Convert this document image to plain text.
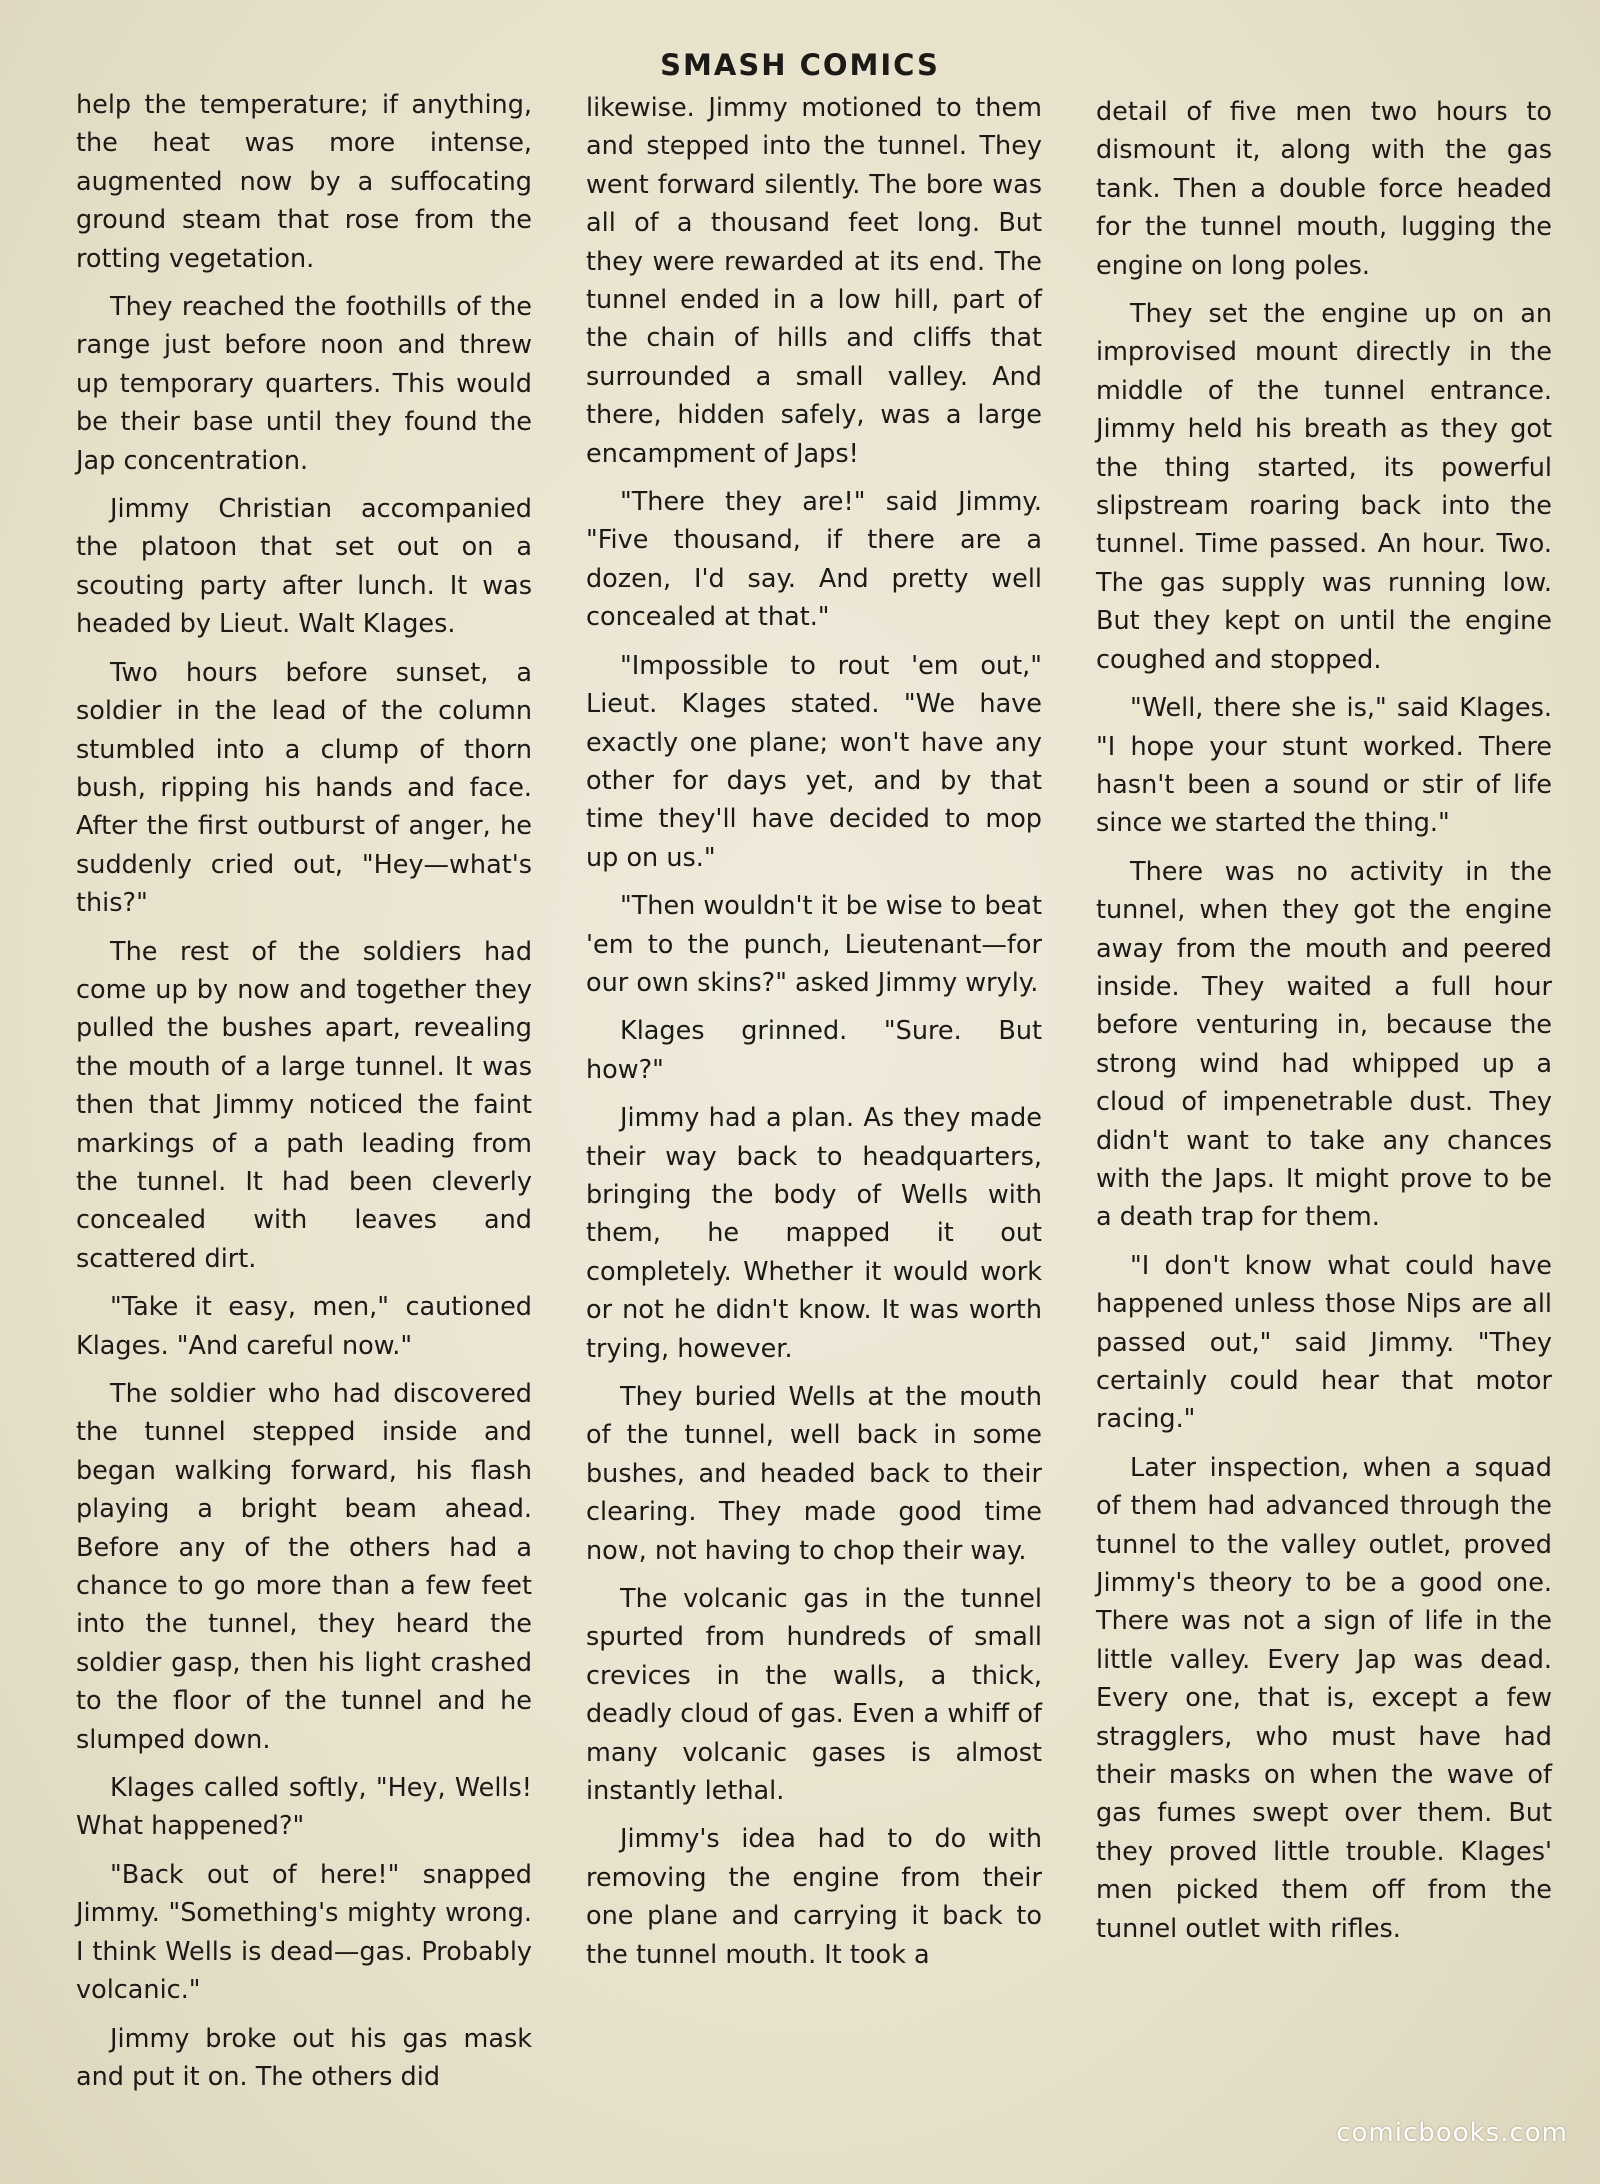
SMASH COMICS

help the temperature; if anything, the heat was more intense, augmented now by a suffocating ground steam that rose from the rotting vegetation.

They reached the foothills of the range just before noon and threw up temporary quarters. This would be their base until they found the Jap concentration.

Jimmy Christian accompanied the platoon that set out on a scouting party after lunch. It was headed by Lieut. Walt Klages.

Two hours before sunset, a soldier in the lead of the column stumbled into a clump of thorn bush, ripping his hands and face. After the first outburst of anger, he suddenly cried out, "Hey—what's this?"

The rest of the soldiers had come up by now and together they pulled the bushes apart, revealing the mouth of a large tunnel. It was then that Jimmy noticed the faint markings of a path leading from the tunnel. It had been cleverly concealed with leaves and scattered dirt.

"Take it easy, men," cautioned Klages. "And careful now."

The soldier who had discovered the tunnel stepped inside and began walking forward, his flash playing a bright beam ahead. Before any of the others had a chance to go more than a few feet into the tunnel, they heard the soldier gasp, then his light crashed to the floor of the tunnel and he slumped down.

Klages called softly, "Hey, Wells! What happened?"

"Back out of here!" snapped Jimmy. "Something's mighty wrong. I think Wells is dead—gas. Probably volcanic."

Jimmy broke out his gas mask and put it on. The others did

likewise. Jimmy motioned to them and stepped into the tunnel. They went forward silently. The bore was all of a thousand feet long. But they were rewarded at its end. The tunnel ended in a low hill, part of the chain of hills and cliffs that surrounded a small valley. And there, hidden safely, was a large encampment of Japs!

"There they are!" said Jimmy. "Five thousand, if there are a dozen, I'd say. And pretty well concealed at that."

"Impossible to rout 'em out," Lieut. Klages stated. "We have exactly one plane; won't have any other for days yet, and by that time they'll have decided to mop up on us."

"Then wouldn't it be wise to beat 'em to the punch, Lieutenant—for our own skins?" asked Jimmy wryly.

Klages grinned. "Sure. But how?"

Jimmy had a plan. As they made their way back to headquarters, bringing the body of Wells with them, he mapped it out completely. Whether it would work or not he didn't know. It was worth trying, however.

They buried Wells at the mouth of the tunnel, well back in some bushes, and headed back to their clearing. They made good time now, not having to chop their way.

The volcanic gas in the tunnel spurted from hundreds of small crevices in the walls, a thick, deadly cloud of gas. Even a whiff of many volcanic gases is almost instantly lethal.

Jimmy's idea had to do with removing the engine from their one plane and carrying it back to the tunnel mouth. It took a

detail of five men two hours to dismount it, along with the gas tank. Then a double force headed for the tunnel mouth, lugging the engine on long poles.

They set the engine up on an improvised mount directly in the middle of the tunnel entrance. Jimmy held his breath as they got the thing started, its powerful slipstream roaring back into the tunnel. Time passed. An hour. Two. The gas supply was running low. But they kept on until the engine coughed and stopped.

"Well, there she is," said Klages. "I hope your stunt worked. There hasn't been a sound or stir of life since we started the thing."

There was no activity in the tunnel, when they got the engine away from the mouth and peered inside. They waited a full hour before venturing in, because the strong wind had whipped up a cloud of impenetrable dust. They didn't want to take any chances with the Japs. It might prove to be a death trap for them.

"I don't know what could have happened unless those Nips are all passed out," said Jimmy. "They certainly could hear that motor racing."

Later inspection, when a squad of them had advanced through the tunnel to the valley outlet, proved Jimmy's theory to be a good one. There was not a sign of life in the little valley. Every Jap was dead. Every one, that is, except a few stragglers, who must have had their masks on when the wave of gas fumes swept over them. But they proved little trouble. Klages' men picked them off from the tunnel outlet with rifles.

comicbooks.com
